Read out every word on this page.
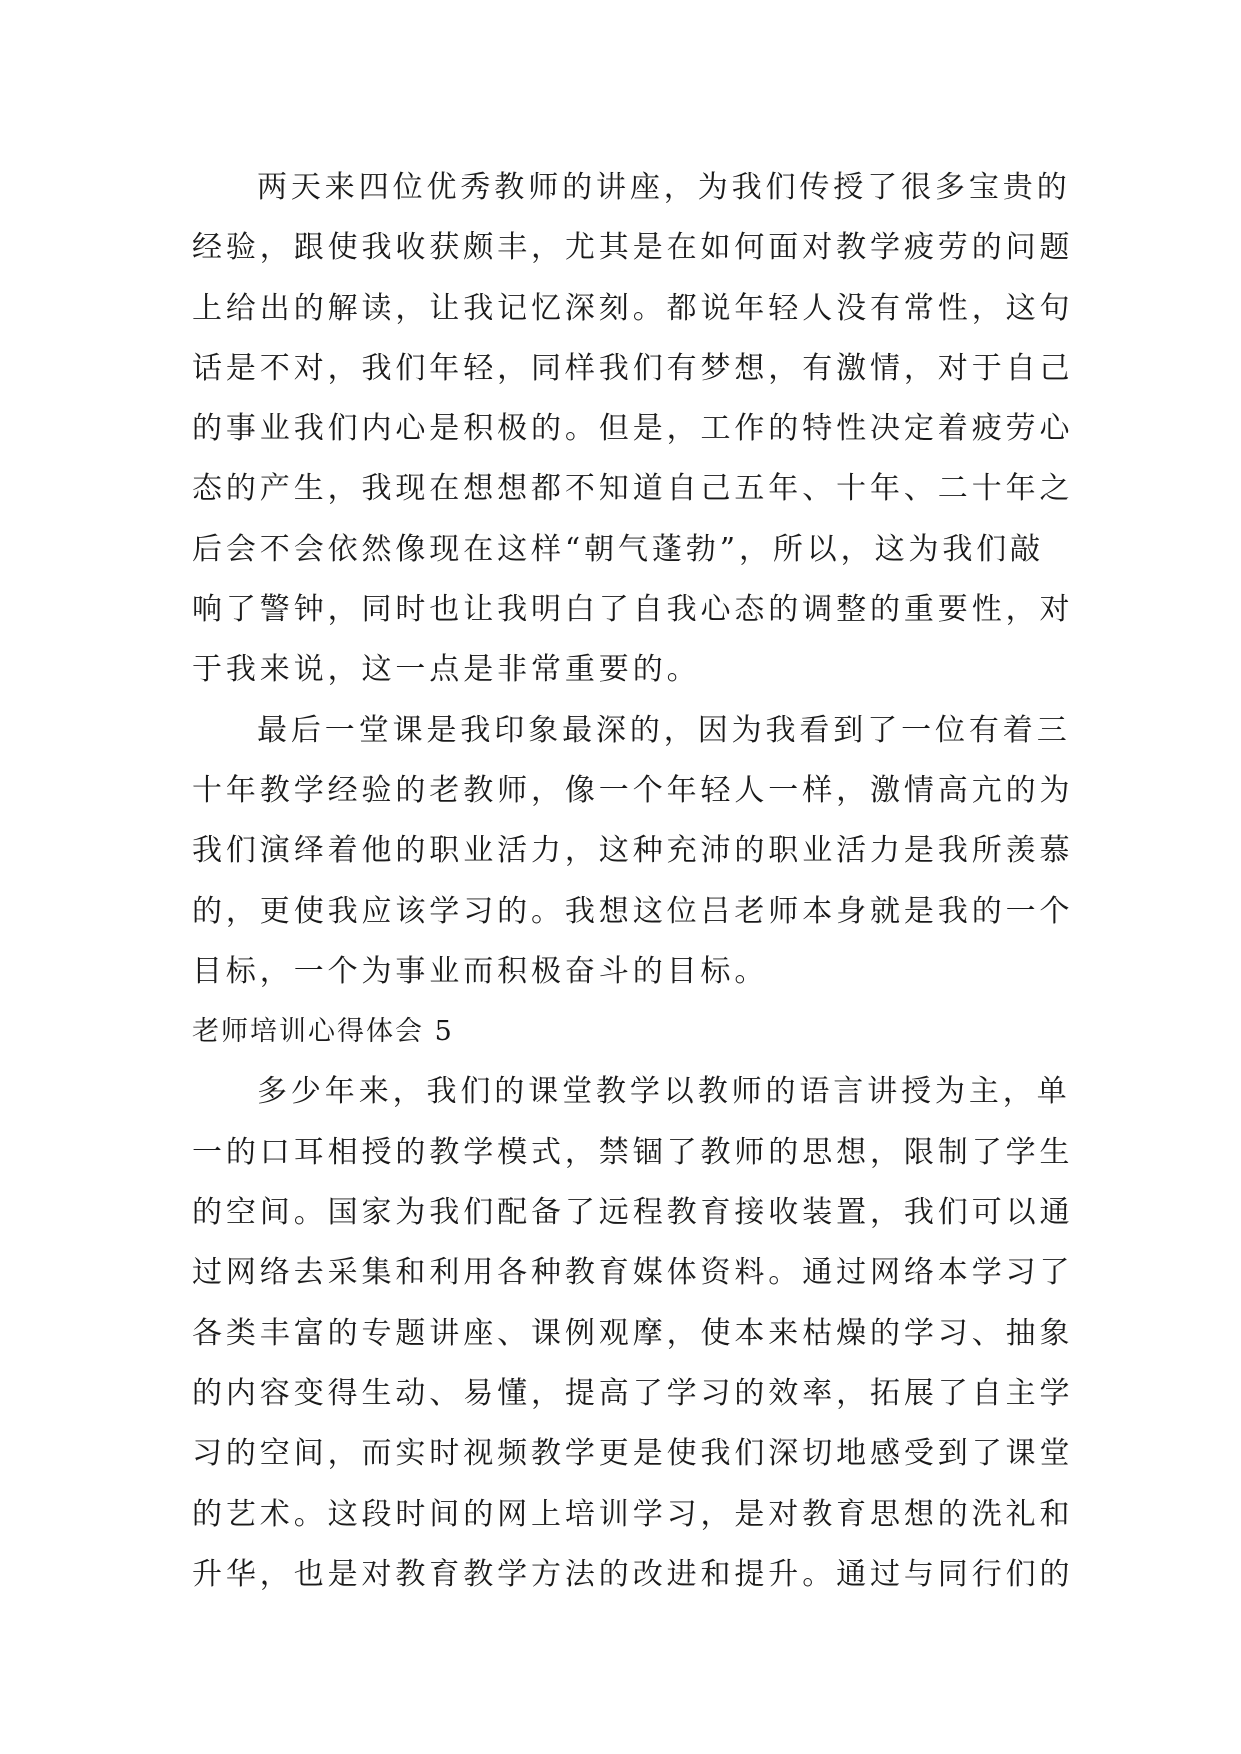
两天来四位优秀教师的讲座，为我们传授了很多宝贵的
经验，跟使我收获颇丰，尤其是在如何面对教学疲劳的问题
上给出的解读，让我记忆深刻。都说年轻人没有常性，这句
话是不对，我们年轻，同样我们有梦想，有激情，对于自己
的事业我们内心是积极的。但是，工作的特性决定着疲劳心
态的产生，我现在想想都不知道自己五年、十年、二十年之
后会不会依然像现在这样“朝气蓬勃”，所以，这为我们敲
响了警钟，同时也让我明白了自我心态的调整的重要性，对
于我来说，这一点是非常重要的。
最后一堂课是我印象最深的，因为我看到了一位有着三
十年教学经验的老教师，像一个年轻人一样，激情高亢的为
我们演绎着他的职业活力，这种充沛的职业活力是我所羡慕
的，更使我应该学习的。我想这位吕老师本身就是我的一个
目标，一个为事业而积极奋斗的目标。
老师培训心得体会 5
多少年来，我们的课堂教学以教师的语言讲授为主，单
一的口耳相授的教学模式，禁锢了教师的思想，限制了学生
的空间。国家为我们配备了远程教育接收装置，我们可以通
过网络去采集和利用各种教育媒体资料。通过网络本学习了
各类丰富的专题讲座、课例观摩，使本来枯燥的学习、抽象
的内容变得生动、易懂，提高了学习的效率，拓展了自主学
习的空间，而实时视频教学更是使我们深切地感受到了课堂
的艺术。这段时间的网上培训学习，是对教育思想的洗礼和
升华，也是对教育教学方法的改进和提升。通过与同行们的
